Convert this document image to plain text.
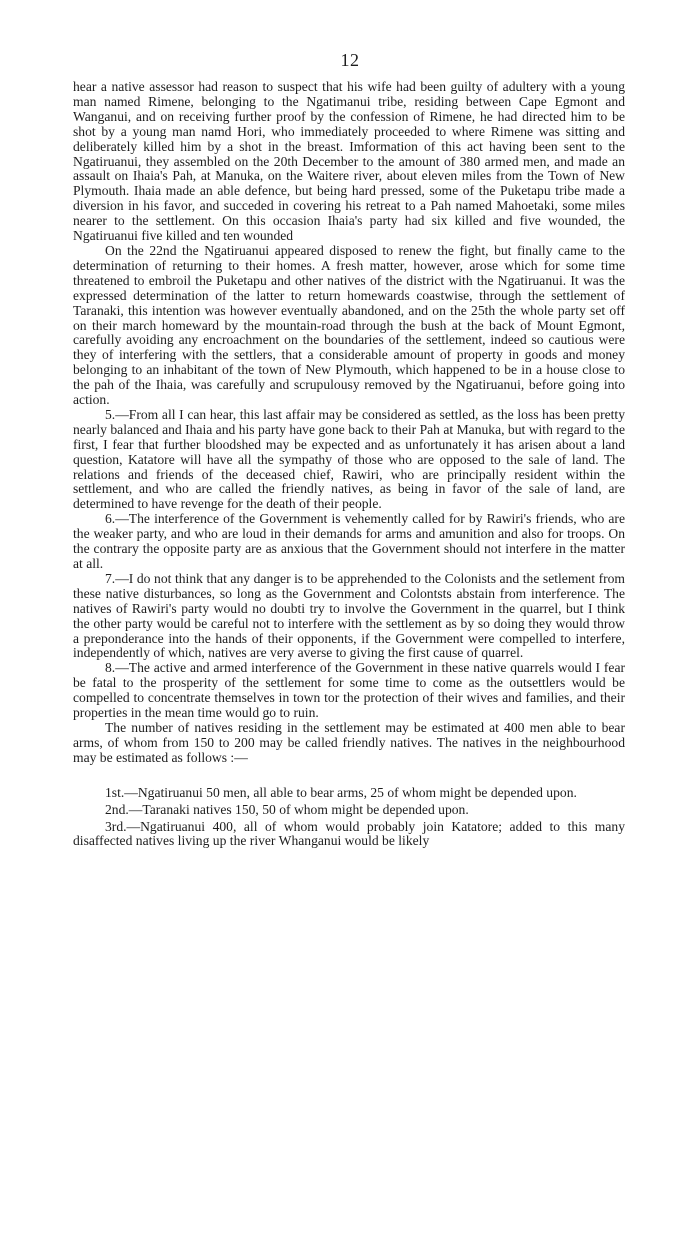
12

hear a native assessor had reason to suspect that his wife had been guilty of adultery with a young man named Rimene, belonging to the Ngatimanui tribe, residing between Cape Egmont and Wanganui, and on receiving further proof by the confession of Rimene, he had directed him to be shot by a young man namd Hori, who immediately proceeded to where Rimene was sitting and deliberately killed him by a shot in the breast. Imformation of this act having been sent to the Ngatiruanui, they assembled on the 20th December to the amount of 380 armed men, and made an assault on Ihaia's Pah, at Manuka, on the Waitere river, about eleven miles from the Town of New Plymouth. Ihaia made an able defence, but being hard pressed, some of the Puketapu tribe made a diversion in his favor, and succeded in covering his retreat to a Pah named Mahoetaki, some miles nearer to the settlement. On this occasion Ihaia's party had six killed and five wounded, the Ngatiruanui five killed and ten wounded

On the 22nd the Ngatiruanui appeared disposed to renew the fight, but finally came to the determination of returning to their homes. A fresh matter, however, arose which for some time threatened to embroil the Puketapu and other natives of the district with the Ngatiruanui. It was the expressed determination of the latter to return homewards coastwise, through the settlement of Taranaki, this intention was however eventually abandoned, and on the 25th the whole party set off on their march homeward by the mountain-road through the bush at the back of Mount Egmont, carefully avoiding any encroachment on the boundaries of the settlement, indeed so cautious were they of interfering with the settlers, that a considerable amount of property in goods and money belonging to an inhabitant of the town of New Plymouth, which happened to be in a house close to the pah of the Ihaia, was carefully and scrupulousy removed by the Ngatiruanui, before going into action.

5.—From all I can hear, this last affair may be considered as settled, as the loss has been pretty nearly balanced and Ihaia and his party have gone back to their Pah at Manuka, but with regard to the first, I fear that further bloodshed may be expected and as unfortunately it has arisen about a land question, Katatore will have all the sympathy of those who are opposed to the sale of land. The relations and friends of the deceased chief, Rawiri, who are principally resident within the settlement, and who are called the friendly natives, as being in favor of the sale of land, are determined to have revenge for the death of their people.

6.—The interference of the Government is vehemently called for by Rawiri's friends, who are the weaker party, and who are loud in their demands for arms and amunition and also for troops. On the contrary the opposite party are as anxious that the Government should not interfere in the matter at all.

7.—I do not think that any danger is to be apprehended to the Colonists and the setlement from these native disturbances, so long as the Government and Colontsts abstain from interference. The natives of Rawiri's party would no doubti try to involve the Government in the quarrel, but I think the other party would be careful not to interfere with the settlement as by so doing they would throw a preponderance into the hands of their opponents, if the Government were compelled to interfere, independently of which, natives are very averse to giving the first cause of quarrel.

8.—The active and armed interference of the Government in these native quarrels would I fear be fatal to the prosperity of the settlement for some time to come as the outsettlers would be compelled to concentrate themselves in town tor the protection of their wives and families, and their properties in the mean time would go to ruin.

The number of natives residing in the settlement may be estimated at 400 men able to bear arms, of whom from 150 to 200 may be called friendly natives. The natives in the neighbourhood may be estimated as follows :—

1st.—Ngatiruanui 50 men, all able to bear arms, 25 of whom might be depended upon.

2nd.—Taranaki natives 150, 50 of whom might be depended upon.

3rd.—Ngatiruanui 400, all of whom would probably join Katatore; added to this many disaffected natives living up the river Whanganui would be likely
